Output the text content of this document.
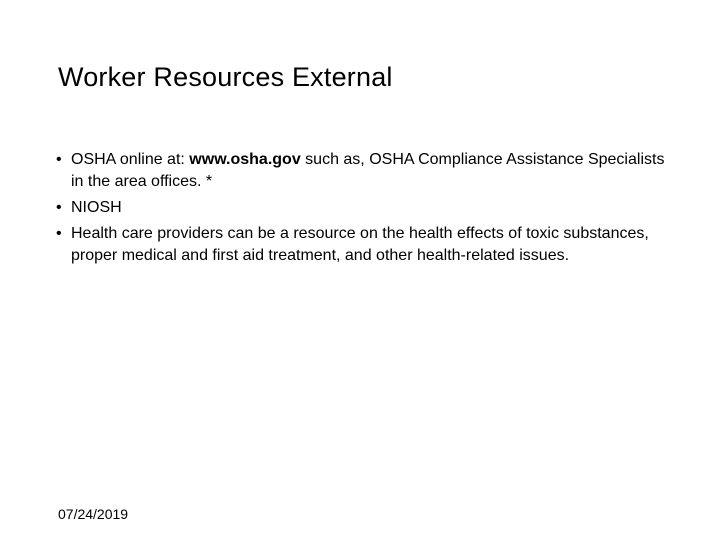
Worker Resources External
• OSHA online at: www.osha.gov such as, OSHA Compliance Assistance Specialists in the area offices. *
• NIOSH
• Health care providers can be a resource on the health effects of toxic substances, proper medical and first aid treatment, and other health-related issues.
07/24/2019
